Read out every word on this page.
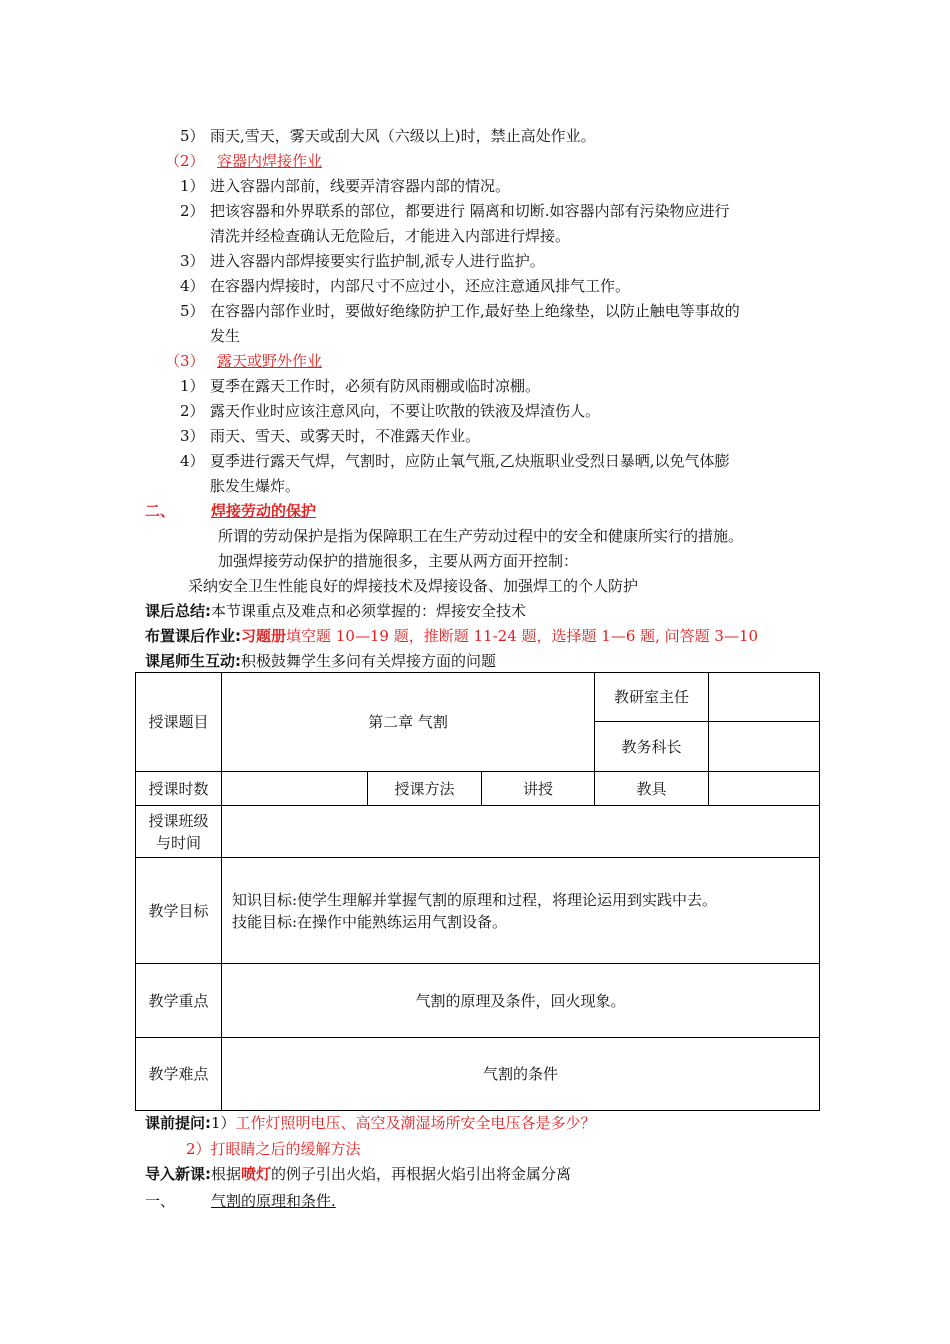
5） 雨天,雪天，雾天或刮大风（六级以上)时，禁止高处作业。
（2） 容器内焊接作业
1） 进入容器内部前，线要弄清容器内部的情况。
2） 把该容器和外界联系的部位，都要进行 隔离和切断.如容器内部有污染物应进行
清洗并经检查确认无危险后，才能进入内部进行焊接。
3） 进入容器内部焊接要实行监护制,派专人进行监护。
4） 在容器内焊接时，内部尺寸不应过小，还应注意通风排气工作。
5） 在容器内部作业时，要做好绝缘防护工作,最好垫上绝缘垫，以防止触电等事故的
发生
（3） 露天或野外作业
1） 夏季在露天工作时，必须有防风雨棚或临时凉棚。
2） 露天作业时应该注意风向，不要让吹散的铁液及焊渣伤人。
3） 雨天、雪天、或雾天时，不准露天作业。
4） 夏季进行露天气焊，气割时，应防止氧气瓶,乙炔瓶职业受烈日暴晒,以免气体膨
胀发生爆炸。
二、 焊接劳动的保护
所谓的劳动保护是指为保障职工在生产劳动过程中的安全和健康所实行的措施。
加强焊接劳动保护的措施很多，主要从两方面开控制：
采纳安全卫生性能良好的焊接技术及焊接设备、加强焊工的个人防护
课后总结:本节课重点及难点和必须掌握的：焊接安全技术
布置课后作业:习题册填空题 10—19 题，推断题 11-24 题，选择题 1—6 题, 问答题 3—10
课尾师生互动:积极鼓舞学生多问有关焊接方面的问题
授课题目	第二章 气割			教研室主任	
				教务科长	
授课时数		授课方法	讲授	教具	
授课班级
与时间					
教学目标	知识目标:使学生理解并掌握气割的原理和过程，将理论运用到实践中去。
技能目标:在操作中能熟练运用气割设备。				
教学重点	气割的原理及条件，回火现象。				
教学难点	气割的条件				
课前提问:1）工作灯照明电压、高空及潮湿场所安全电压各是多少？
2）打眼睛之后的缓解方法
导入新课:根据喷灯的例子引出火焰，再根据火焰引出将金属分离
一、 气割的原理和条件.
